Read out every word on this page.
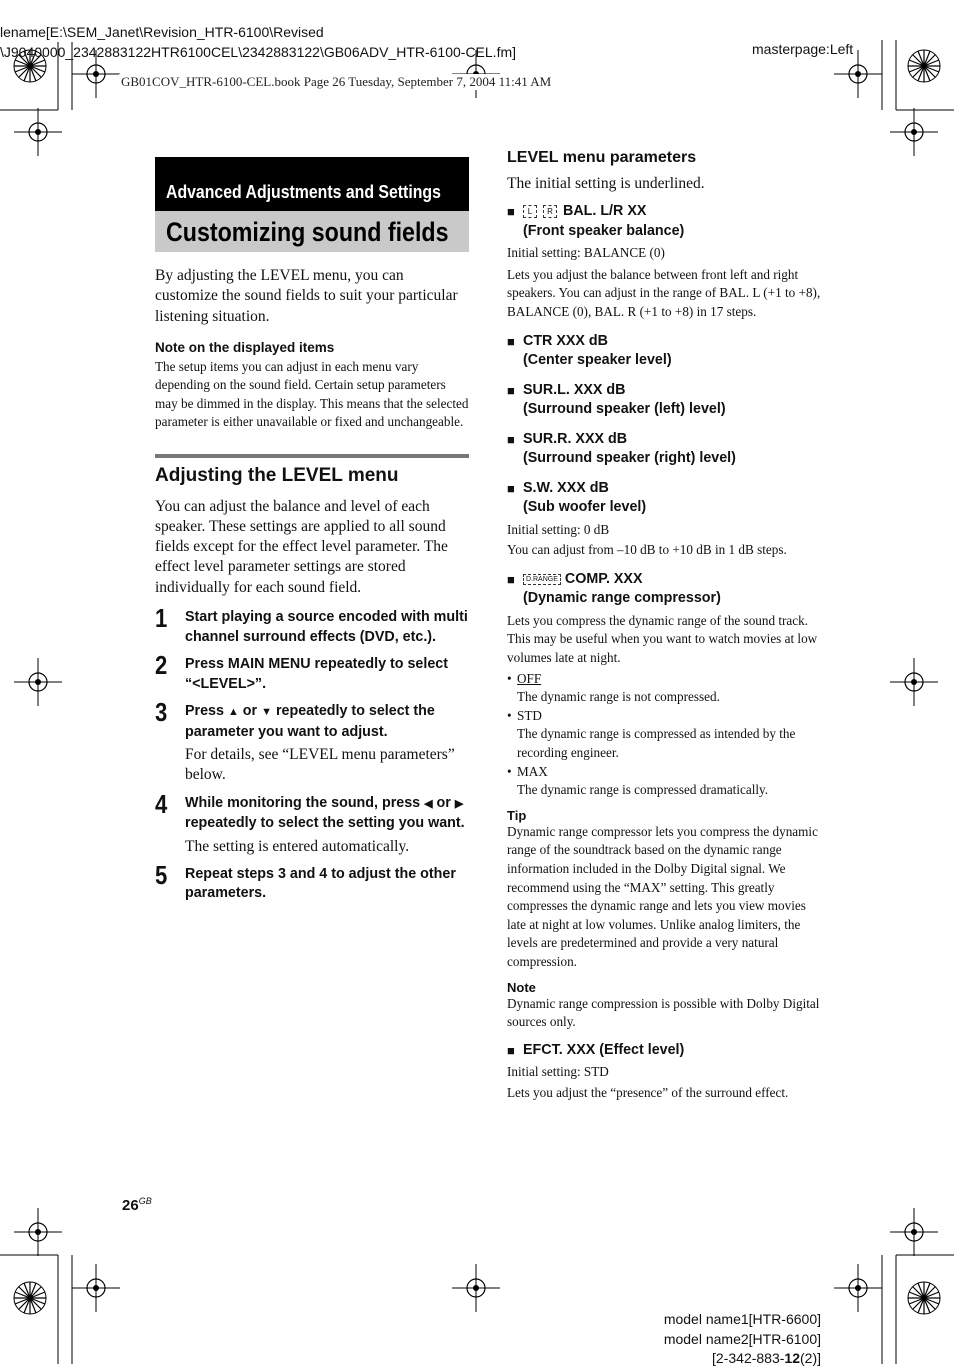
lename[E:\SEM_Janet\Revision_HTR-6100\Revised
\J9040000_2342883122HTR6100CEL\2342883122\GB06ADV_HTR-6100-CEL.fm]	masterpage:Left
GB01COV_HTR-6100-CEL.book Page 26 Tuesday, September 7, 2004 11:41 AM
Advanced Adjustments and Settings
Customizing sound fields
By adjusting the LEVEL menu, you can customize the sound fields to suit your particular listening situation.
Note on the displayed items
The setup items you can adjust in each menu vary depending on the sound field. Certain setup parameters may be dimmed in the display. This means that the selected parameter is either unavailable or fixed and unchangeable.
Adjusting the LEVEL menu
You can adjust the balance and level of each speaker. These settings are applied to all sound fields except for the effect level parameter. The effect level parameter settings are stored individually for each sound field.
1 Start playing a source encoded with multi channel surround effects (DVD, etc.).
2 Press MAIN MENU repeatedly to select “<LEVEL>”.
3 Press ▲ or ▼ repeatedly to select the parameter you want to adjust.
For details, see “LEVEL menu parameters” below.
4 While monitoring the sound, press ◀ or ▶ repeatedly to select the setting you want.
The setting is entered automatically.
5 Repeat steps 3 and 4 to adjust the other parameters.
LEVEL menu parameters
The initial setting is underlined.
■ L R BAL. L/R XX
(Front speaker balance)
Initial setting: BALANCE (0)
Lets you adjust the balance between front left and right speakers. You can adjust in the range of BAL. L (+1 to +8), BALANCE (0), BAL. R (+1 to +8) in 17 steps.
■ CTR XXX dB
(Center speaker level)
■ SUR.L. XXX dB
(Surround speaker (left) level)
■ SUR.R. XXX dB
(Surround speaker (right) level)
■ S.W. XXX dB
(Sub woofer level)
Initial setting: 0 dB
You can adjust from –10 dB to +10 dB in 1 dB steps.
■ D.RANGE COMP. XXX
(Dynamic range compressor)
Lets you compress the dynamic range of the sound track. This may be useful when you want to watch movies at low volumes late at night.
• OFF
The dynamic range is not compressed.
• STD
The dynamic range is compressed as intended by the recording engineer.
• MAX
The dynamic range is compressed dramatically.
Tip
Dynamic range compressor lets you compress the dynamic range of the soundtrack based on the dynamic range information included in the Dolby Digital signal. We recommend using the “MAX” setting. This greatly compresses the dynamic range and lets you view movies late at night at low volumes. Unlike analog limiters, the levels are predetermined and provide a very natural compression.
Note
Dynamic range compression is possible with Dolby Digital sources only.
■ EFCT. XXX (Effect level)
Initial setting: STD
Lets you adjust the “presence” of the surround effect.
$26^{GB}$
model name1[HTR-6600]
model name2[HTR-6100]
[2-342-883-12(2)]
